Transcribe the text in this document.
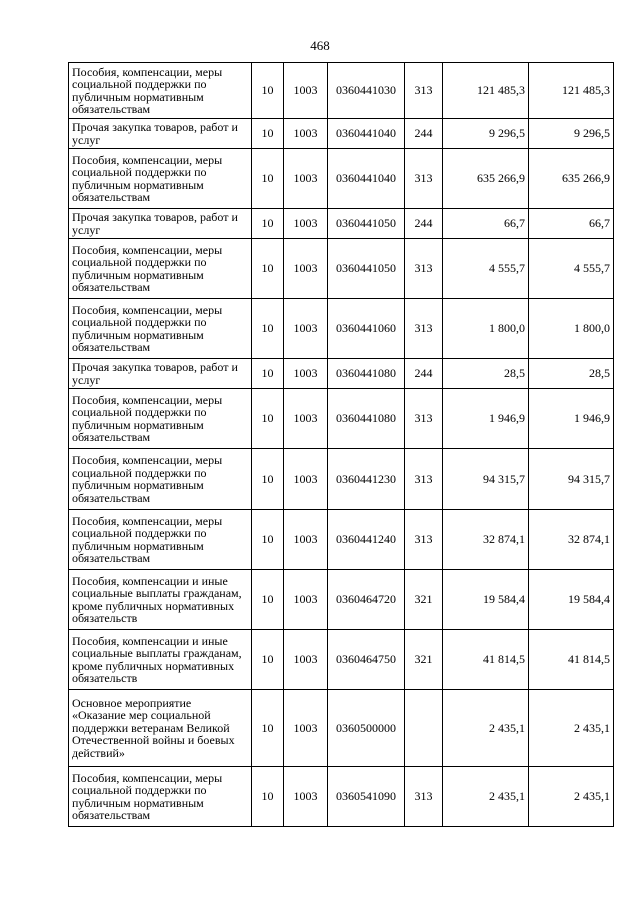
468
Пособия, компенсации, меры социальной поддержки по публичным нормативным обязательствам	10	1003	0360441030	313	121 485,3	121 485,3
Прочая закупка товаров, работ и услуг	10	1003	0360441040	244	9 296,5	9 296,5
Пособия, компенсации, меры социальной поддержки по публичным нормативным обязательствам	10	1003	0360441040	313	635 266,9	635 266,9
Прочая закупка товаров, работ и услуг	10	1003	0360441050	244	66,7	66,7
Пособия, компенсации, меры социальной поддержки по публичным нормативным обязательствам	10	1003	0360441050	313	4 555,7	4 555,7
Пособия, компенсации, меры социальной поддержки по публичным нормативным обязательствам	10	1003	0360441060	313	1 800,0	1 800,0
Прочая закупка товаров, работ и услуг	10	1003	0360441080	244	28,5	28,5
Пособия, компенсации, меры социальной поддержки по публичным нормативным обязательствам	10	1003	0360441080	313	1 946,9	1 946,9
Пособия, компенсации, меры социальной поддержки по публичным нормативным обязательствам	10	1003	0360441230	313	94 315,7	94 315,7
Пособия, компенсации, меры социальной поддержки по публичным нормативным обязательствам	10	1003	0360441240	313	32 874,1	32 874,1
Пособия, компенсации и иные социальные выплаты гражданам, кроме публичных нормативных обязательств	10	1003	0360464720	321	19 584,4	19 584,4
Пособия, компенсации и иные социальные выплаты гражданам, кроме публичных нормативных обязательств	10	1003	0360464750	321	41 814,5	41 814,5
Основное мероприятие «Оказание мер социальной поддержки ветеранам Великой Отечественной войны и боевых действий»	10	1003	0360500000		2 435,1	2 435,1
Пособия, компенсации, меры социальной поддержки по публичным нормативным обязательствам	10	1003	0360541090	313	2 435,1	2 435,1
